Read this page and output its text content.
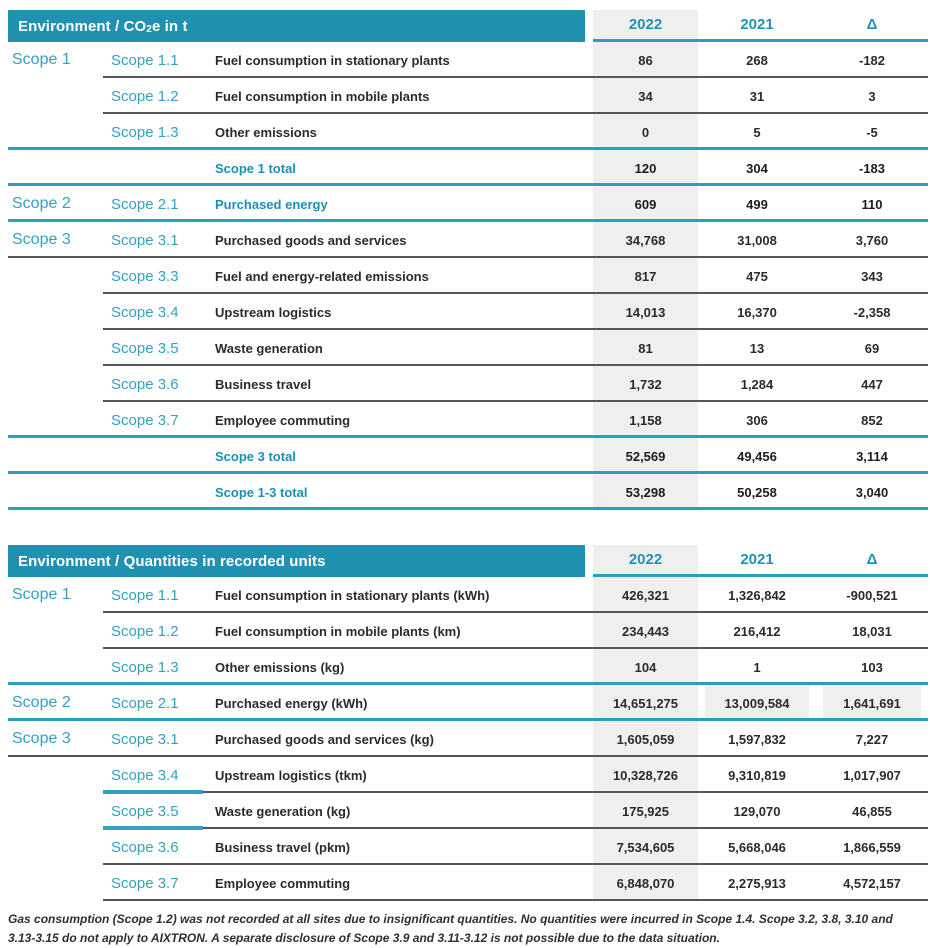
Environment / $CO_2$ e in t	2022	2021	Δ
Scope 1	Scope 1.1	Fuel consumption in stationary plants	86	268	-182
Scope 1.2	Fuel consumption in mobile plants	34	31	3
Scope 1.3	Other emissions	0	5	-5
Scope 1 total	120	304	-183
Scope 2	Scope 2.1	Purchased energy	609	499	110
Scope 3	Scope 3.1	Purchased goods and services	34,768	31,008	3,760
Scope 3.3	Fuel and energy-related emissions	817	475	343
Scope 3.4	Upstream logistics	14,013	16,370	-2,358
Scope 3.5	Waste generation	81	13	69
Scope 3.6	Business travel	1,732	1,284	447
Scope 3.7	Employee commuting	1,158	306	852
Scope 3 total	52,569	49,456	3,114
Scope 1-3 total	53,298	50,258	3,040
Environment / Quantities in recorded units	2022	2021	Δ
Scope 1	Scope 1.1	Fuel consumption in stationary plants (kWh)	426,321	1,326,842	-900,521
Scope 1.2	Fuel consumption in mobile plants (km)	234,443	216,412	18,031
Scope 1.3	Other emissions (kg)	104	1	103
Scope 2	Scope 2.1	Purchased energy (kWh)	14,651,275	13,009,584	1,641,691
Scope 3	Scope 3.1	Purchased goods and services (kg)	1,605,059	1,597,832	7,227
Scope 3.4	Upstream logistics (tkm)	10,328,726	9,310,819	1,017,907
Scope 3.5	Waste generation (kg)	175,925	129,070	46,855
Scope 3.6	Business travel (pkm)	7,534,605	5,668,046	1,866,559
Scope 3.7	Employee commuting	6,848,070	2,275,913	4,572,157

Gas consumption (Scope 1.2) was not recorded at all sites due to insignificant quantities. No quantities were incurred in Scope 1.4. Scope 3.2, 3.8, 3.10 and 3.13-3.15 do not apply to AIXTRON. A separate disclosure of Scope 3.9 and 3.11-3.12 is not possible due to the data situation.
